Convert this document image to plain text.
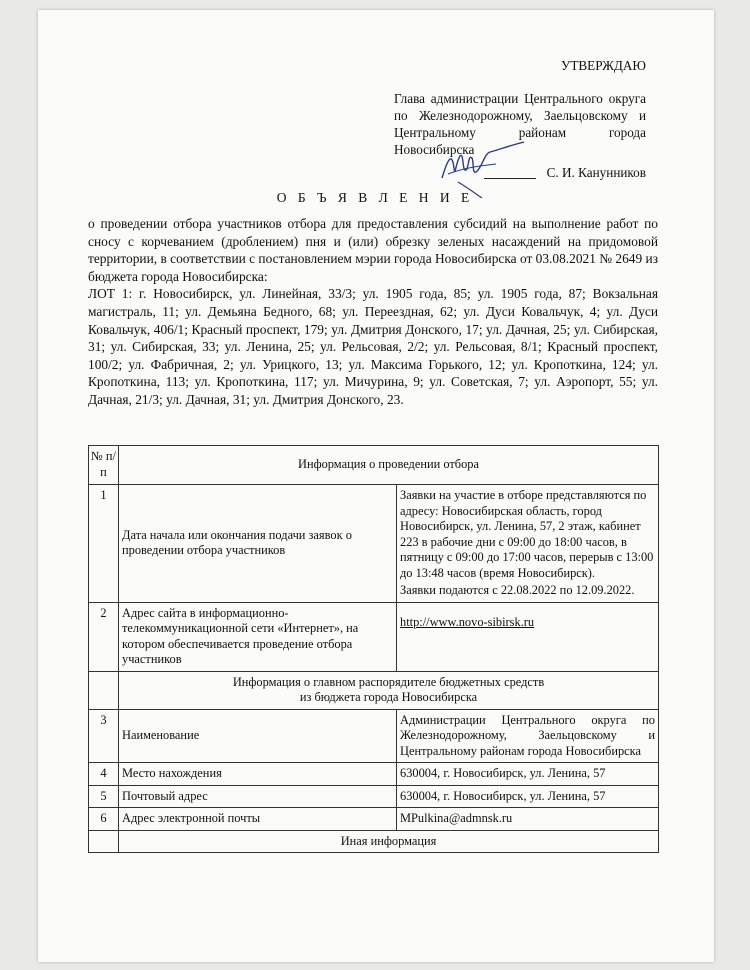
УТВЕРЖДАЮ
Глава администрации Центрального округа по Железнодорожному, Заельцовскому и Центральному районам города Новосибирска
С. И. Канунников
О Б Ъ Я В Л Е Н И Е

о проведении отбора участников отбора для предоставления субсидий на выполнение работ по сносу с корчеванием (дроблением) пня и (или) обрезку зеленых насаждений на придомовой территории, в соответствии с постановлением мэрии города Новосибирска от 03.08.2021 № 2649 из бюджета города Новосибирска:

ЛОТ 1: г. Новосибирск, ул. Линейная, 33/3; ул. 1905 года, 85; ул. 1905 года, 87; Вокзальная магистраль, 11; ул. Демьяна Бедного, 68; ул. Переездная, 62; ул. Дуси Ковальчук, 4; ул. Дуси Ковальчук, 406/1; Красный проспект, 179; ул. Дмитрия Донского, 17; ул. Дачная, 25; ул. Сибирская, 31; ул. Сибирская, 33; ул. Ленина, 25; ул. Рельсовая, 2/2; ул. Рельсовая, 8/1; Красный проспект, 100/2; ул. Фабричная, 2; ул. Урицкого, 13; ул. Максима Горького, 12; ул. Кропоткина, 124; ул. Кропоткина, 113; ул. Кропоткина, 117; ул. Мичурина, 9; ул. Советская, 7; ул. Аэропорт, 55; ул. Дачная, 21/3; ул. Дачная, 31; ул. Дмитрия Донского, 23.

№ п/п	Информация о проведении отбора	
1	Дата начала или окончания подачи заявок о проведении отбора участников	Заявки на участие в отборе представляются по адресу: Новосибирская область, город Новосибирск, ул. Ленина, 57, 2 этаж, кабинет 223 в рабочие дни с 09:00 до 18:00 часов, в пятницу с 09:00 до 17:00 часов, перерыв с 13:00 до 13:48 часов (время Новосибирск).
Заявки подаются с 22.08.2022 по 12.09.2022.

2	Адрес сайта в информационно-телекоммуникационной сети «Интернет», на котором обеспечивается проведение отбора участников	http://www.novo-sibirsk.ru

	Информация о главном распорядителе бюджетных средств
из бюджета города Новосибирска	

3	Наименование	Администрации Центрального округа по Железнодорожному, Заельцовскому и Центральному районам города Новосибирска
4	Место нахождения	630004, г. Новосибирск, ул. Ленина, 57
5	Почтовый адрес	630004, г. Новосибирск, ул. Ленина, 57
6	Адрес электронной почты	MPulkina@admnsk.ru
	Иная информация	
